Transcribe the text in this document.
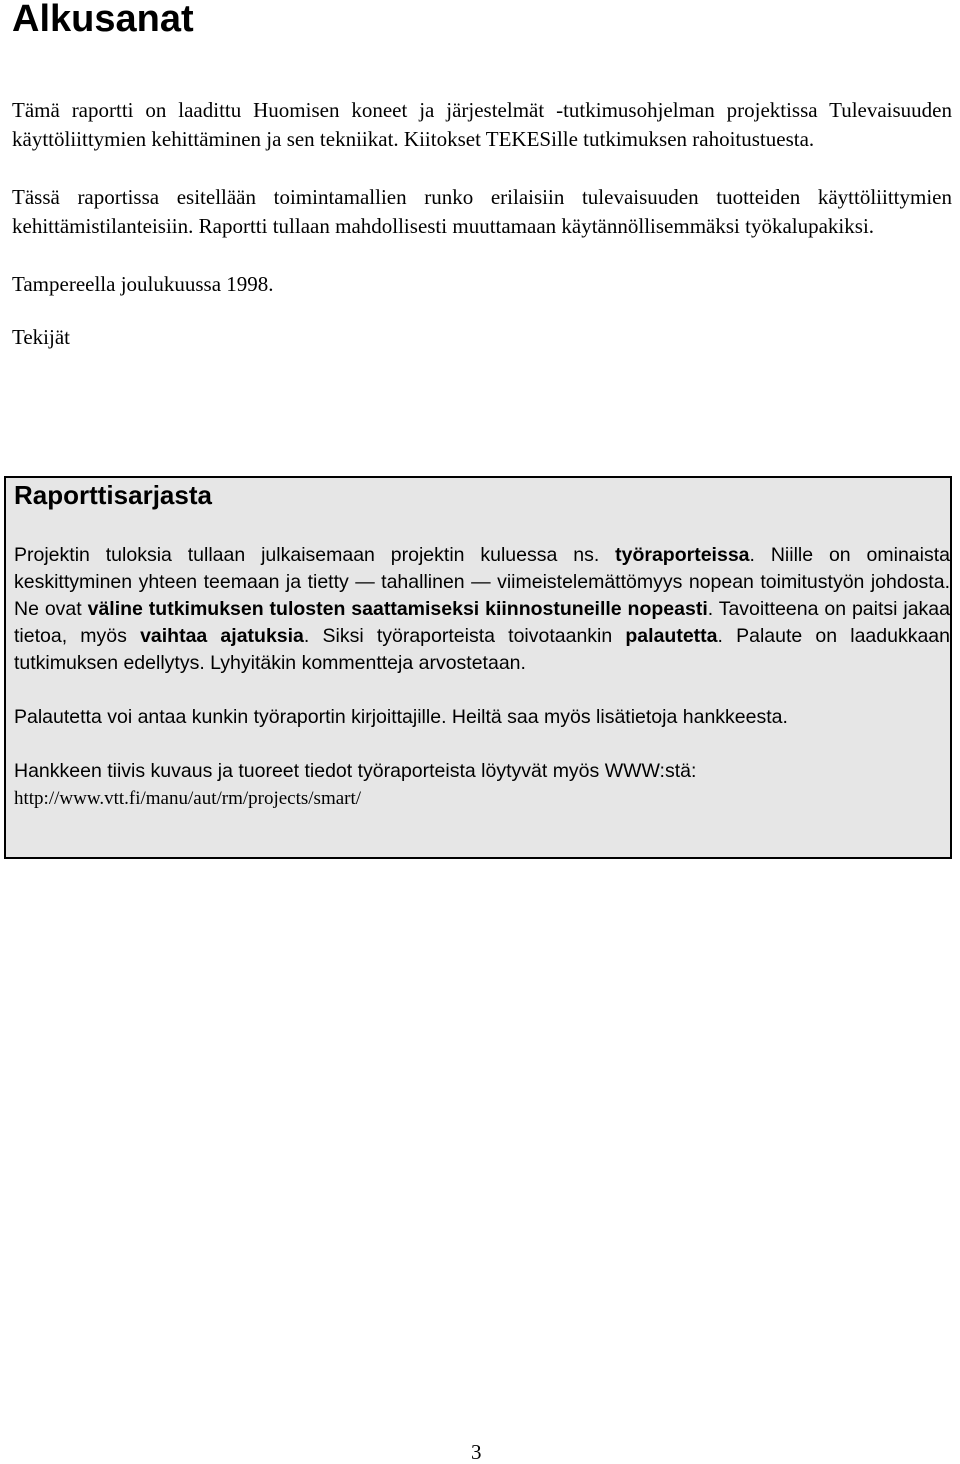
Alkusanat

Tämä raportti on laadittu Huomisen koneet ja järjestelmät -tutkimusohjelman projektissa Tulevaisuuden käyttöliittymien kehittäminen ja sen tekniikat. Kiitokset TEKESille tutkimuksen rahoitustuesta.

Tässä raportissa esitellään toimintamallien runko erilaisiin tulevaisuuden tuotteiden käyttöliittymien kehittämistilanteisiin. Raportti tullaan mahdollisesti muuttamaan käytännöllisemmäksi työkalupakiksi.

Tampereella joulukuussa 1998.

Tekijät

Raporttisarjasta

Projektin tuloksia tullaan julkaisemaan projektin kuluessa ns. työraporteissa. Niille on ominaista keskittyminen yhteen teemaan ja tietty — tahallinen — viimeistelemättömyys nopean toimitustyön johdosta. Ne ovat väline tutkimuksen tulosten saattamiseksi kiinnostuneille nopeasti. Tavoitteena on paitsi jakaa tietoa, myös vaihtaa ajatuksia. Siksi työraporteista toivotaankin palautetta. Palaute on laadukkaan tutkimuksen edellytys. Lyhyitäkin kommentteja arvostetaan.

Palautetta voi antaa kunkin työraportin kirjoittajille. Heiltä saa myös lisätietoja hankkeesta.

Hankkeen tiivis kuvaus ja tuoreet tiedot työraporteista löytyvät myös WWW:stä:

http://www.vtt.fi/manu/aut/rm/projects/smart/

3
